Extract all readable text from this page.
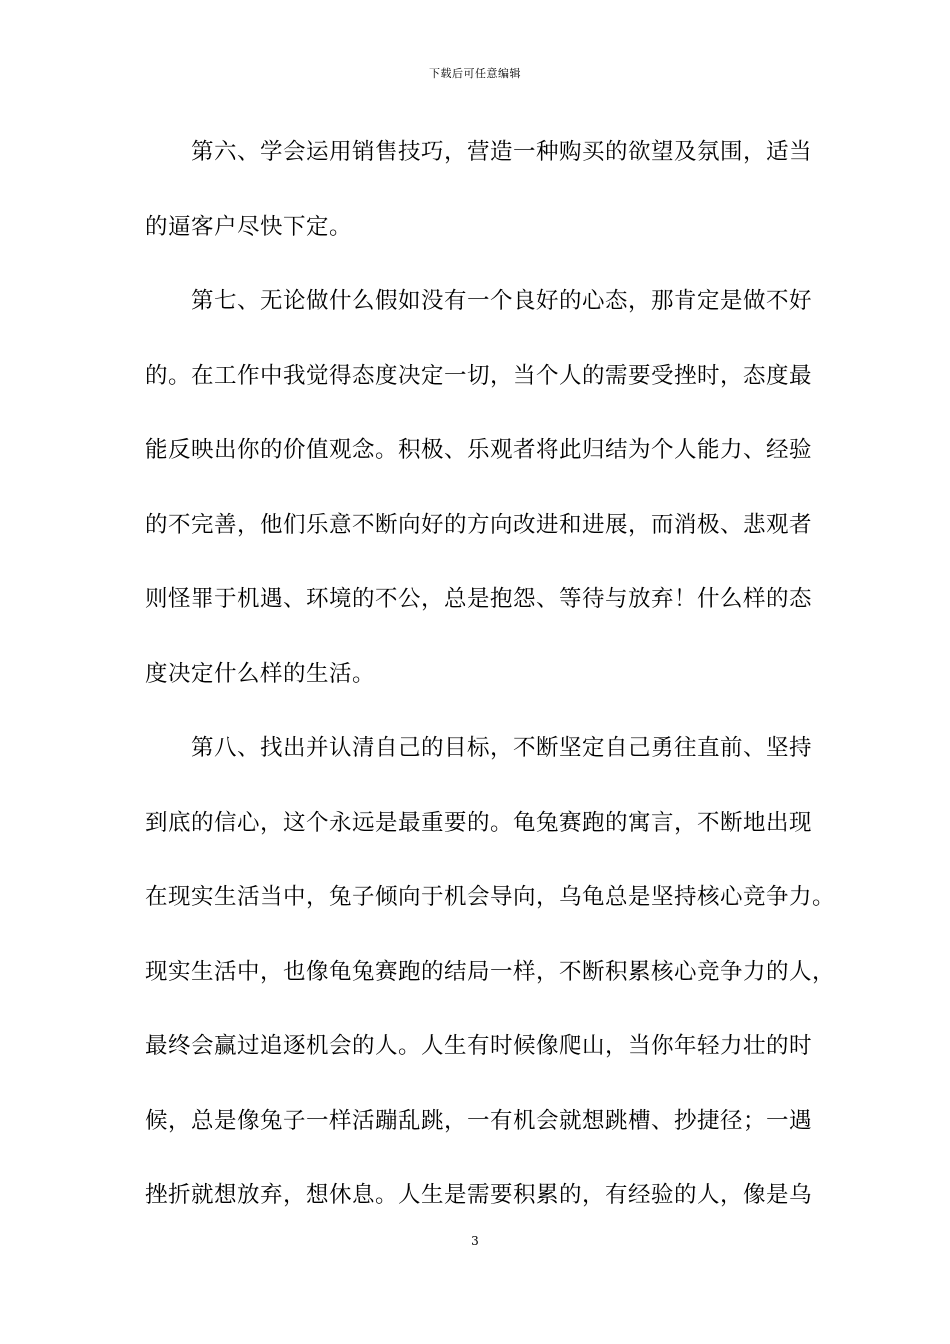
下载后可任意编辑
第六、学会运用销售技巧，营造一种购买的欲望及氛围，适当
的逼客户尽快下定。
第七、无论做什么假如没有一个良好的心态，那肯定是做不好
的。在工作中我觉得态度决定一切，当个人的需要受挫时，态度最
能反映出你的价值观念。积极、乐观者将此归结为个人能力、经验
的不完善，他们乐意不断向好的方向改进和进展，而消极、悲观者
则怪罪于机遇、环境的不公，总是抱怨、等待与放弃！什么样的态
度决定什么样的生活。
第八、找出并认清自己的目标，不断坚定自己勇往直前、坚持
到底的信心，这个永远是最重要的。龟兔赛跑的寓言，不断地出现
在现实生活当中，兔子倾向于机会导向，乌龟总是坚持核心竞争力。
现实生活中，也像龟兔赛跑的结局一样，不断积累核心竞争力的人，
最终会赢过追逐机会的人。人生有时候像爬山，当你年轻力壮的时
候，总是像兔子一样活蹦乱跳，一有机会就想跳槽、抄捷径；一遇
挫折就想放弃，想休息。人生是需要积累的，有经验的人，像是乌
3
